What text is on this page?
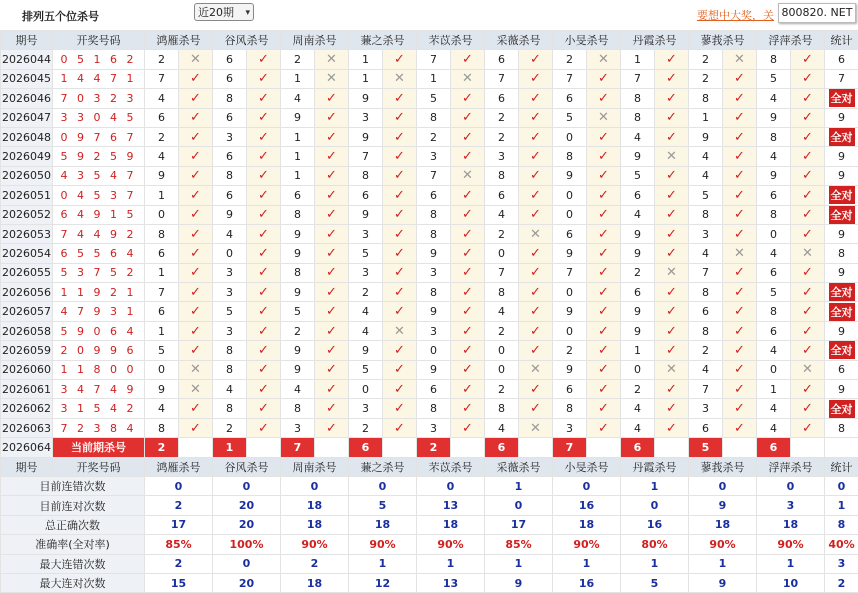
排列五个位杀号	近20期 ▾	要想中大奖，关 800820. NET
期号	开奖号码	鸿雁杀号		谷风杀号		周南杀号		蒹之杀号		芣苡杀号		采薇杀号		小旻杀号		丹霞杀号		蓼莪杀号		浮萍杀号		统计
2026044	0 5 1 6 2	2	✕	6	✓	2	✕	1	✓	7	✓	6	✓	2	✕	1	✓	2	✕	8	✓	6
2026045	1 4 4 7 1	7	✓	6	✓	1	✕	1	✕	1	✕	7	✓	7	✓	7	✓	2	✓	5	✓	7
2026046	7 0 3 2 3	4	✓	8	✓	4	✓	9	✓	5	✓	6	✓	6	✓	8	✓	8	✓	4	✓	全对
2026047	3 3 0 4 5	6	✓	6	✓	9	✓	3	✓	8	✓	2	✓	5	✕	8	✓	1	✓	9	✓	9
2026048	0 9 7 6 7	2	✓	3	✓	1	✓	9	✓	2	✓	2	✓	0	✓	4	✓	9	✓	8	✓	全对
2026049	5 9 2 5 9	4	✓	6	✓	1	✓	7	✓	3	✓	3	✓	8	✓	9	✕	4	✓	4	✓	9
2026050	4 3 5 4 7	9	✓	8	✓	1	✓	8	✓	7	✕	8	✓	9	✓	5	✓	4	✓	9	✓	9
2026051	0 4 5 3 7	1	✓	6	✓	6	✓	6	✓	6	✓	6	✓	0	✓	6	✓	5	✓	6	✓	全对
2026052	6 4 9 1 5	0	✓	9	✓	8	✓	9	✓	8	✓	4	✓	0	✓	4	✓	8	✓	8	✓	全对
2026053	7 4 4 9 2	8	✓	4	✓	9	✓	3	✓	8	✓	2	✕	6	✓	9	✓	3	✓	0	✓	9
2026054	6 5 5 6 4	6	✓	0	✓	9	✓	5	✓	9	✓	0	✓	9	✓	9	✓	4	✕	4	✕	8
2026055	5 3 7 5 2	1	✓	3	✓	8	✓	3	✓	3	✓	7	✓	7	✓	2	✕	7	✓	6	✓	9
2026056	1 1 9 2 1	7	✓	3	✓	9	✓	2	✓	8	✓	8	✓	0	✓	6	✓	8	✓	5	✓	全对
2026057	4 7 9 3 1	6	✓	5	✓	5	✓	4	✓	9	✓	4	✓	9	✓	9	✓	6	✓	8	✓	全对
2026058	5 9 0 6 4	1	✓	3	✓	2	✓	4	✕	3	✓	2	✓	0	✓	9	✓	8	✓	6	✓	9
2026059	2 0 9 9 6	5	✓	8	✓	9	✓	9	✓	0	✓	0	✓	2	✓	1	✓	2	✓	4	✓	全对
2026060	1 1 8 0 0	0	✕	8	✓	9	✓	5	✓	9	✓	0	✕	9	✓	0	✕	4	✓	0	✕	6
2026061	3 4 7 4 9	9	✕	4	✓	4	✓	0	✓	6	✓	2	✓	6	✓	2	✓	7	✓	1	✓	9
2026062	3 1 5 4 2	4	✓	8	✓	8	✓	3	✓	8	✓	8	✓	8	✓	4	✓	3	✓	4	✓	全对
2026063	7 2 3 8 4	8	✓	2	✓	3	✓	2	✓	3	✓	4	✕	3	✓	4	✓	6	✓	4	✓	8
2026064	当前期杀号	2		1		7		6		2		6		7		6		5		6		
期号	开奖号码	鸿雁杀号		谷风杀号		周南杀号		蒹之杀号		芣苡杀号		采薇杀号		小旻杀号		丹霞杀号		蓼莪杀号		浮萍杀号		统计
目前连错次数		0		0		0		0		0		1		0		1		0		0		0
目前连对次数		2		20		18		5		13		0		16		0		9		3		1
总正确次数		17		20		18		18		18		17		18		16		18		18		8
准确率(全对率)		85%		100%		90%		90%		90%		85%		90%		80%		90%		90%		40%
最大连错次数		2		0		2		1		1		1		1		1		1		1		3
最大连对次数		15		20		18		12		13		9		16		5		9		10		2
